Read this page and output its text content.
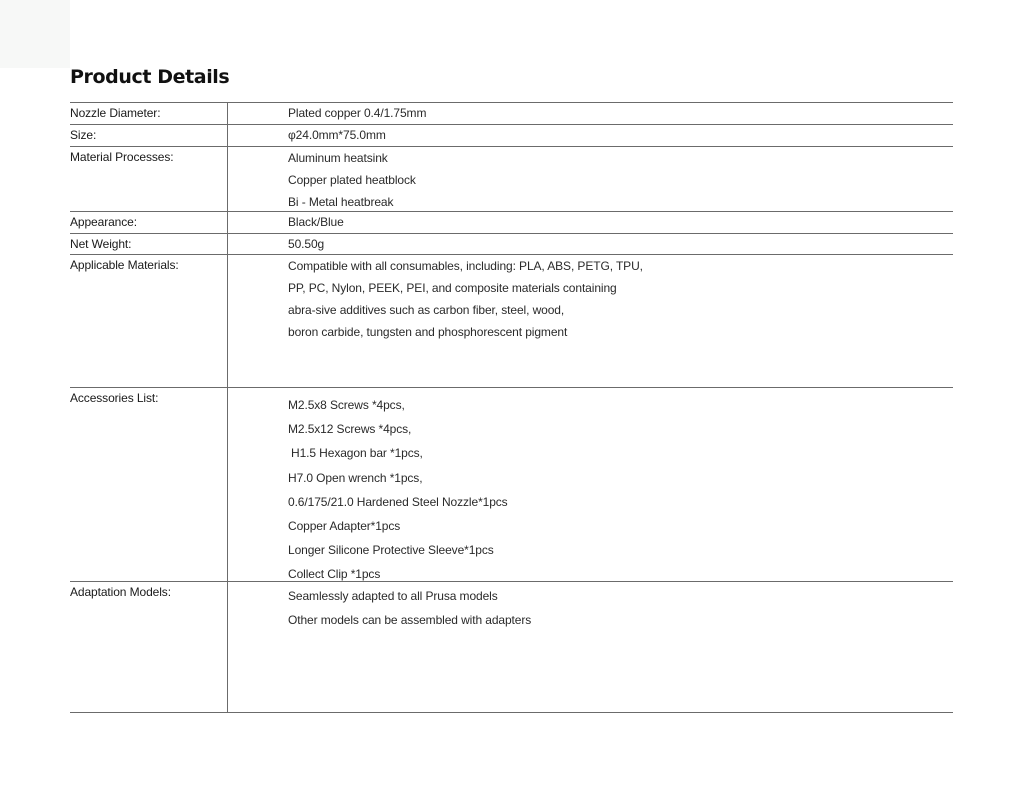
Product Details
Nozzle Diameter:	Plated copper 0.4/1.75mm
Size:	φ24.0mm*75.0mm
Material Processes:	Aluminum heatsink
Copper plated heatblock
Bi - Metal heatbreak
Appearance:	Black/Blue
Net Weight:	50.50g
Applicable Materials:	Compatible with all consumables, including: PLA, ABS, PETG, TPU,
PP, PC, Nylon, PEEK, PEI, and composite materials containing
abra-sive additives such as carbon fiber, steel, wood,
boron carbide, tungsten and phosphorescent pigment
Accessories List:	M2.5x8 Screws *4pcs,
M2.5x12 Screws *4pcs,
H1.5 Hexagon bar *1pcs,
H7.0 Open wrench *1pcs,
0.6/175/21.0 Hardened Steel Nozzle*1pcs
Copper Adapter*1pcs
Longer Silicone Protective Sleeve*1pcs
Collect Clip *1pcs
Adaptation Models:	Seamlessly adapted to all Prusa models
Other models can be assembled with adapters
